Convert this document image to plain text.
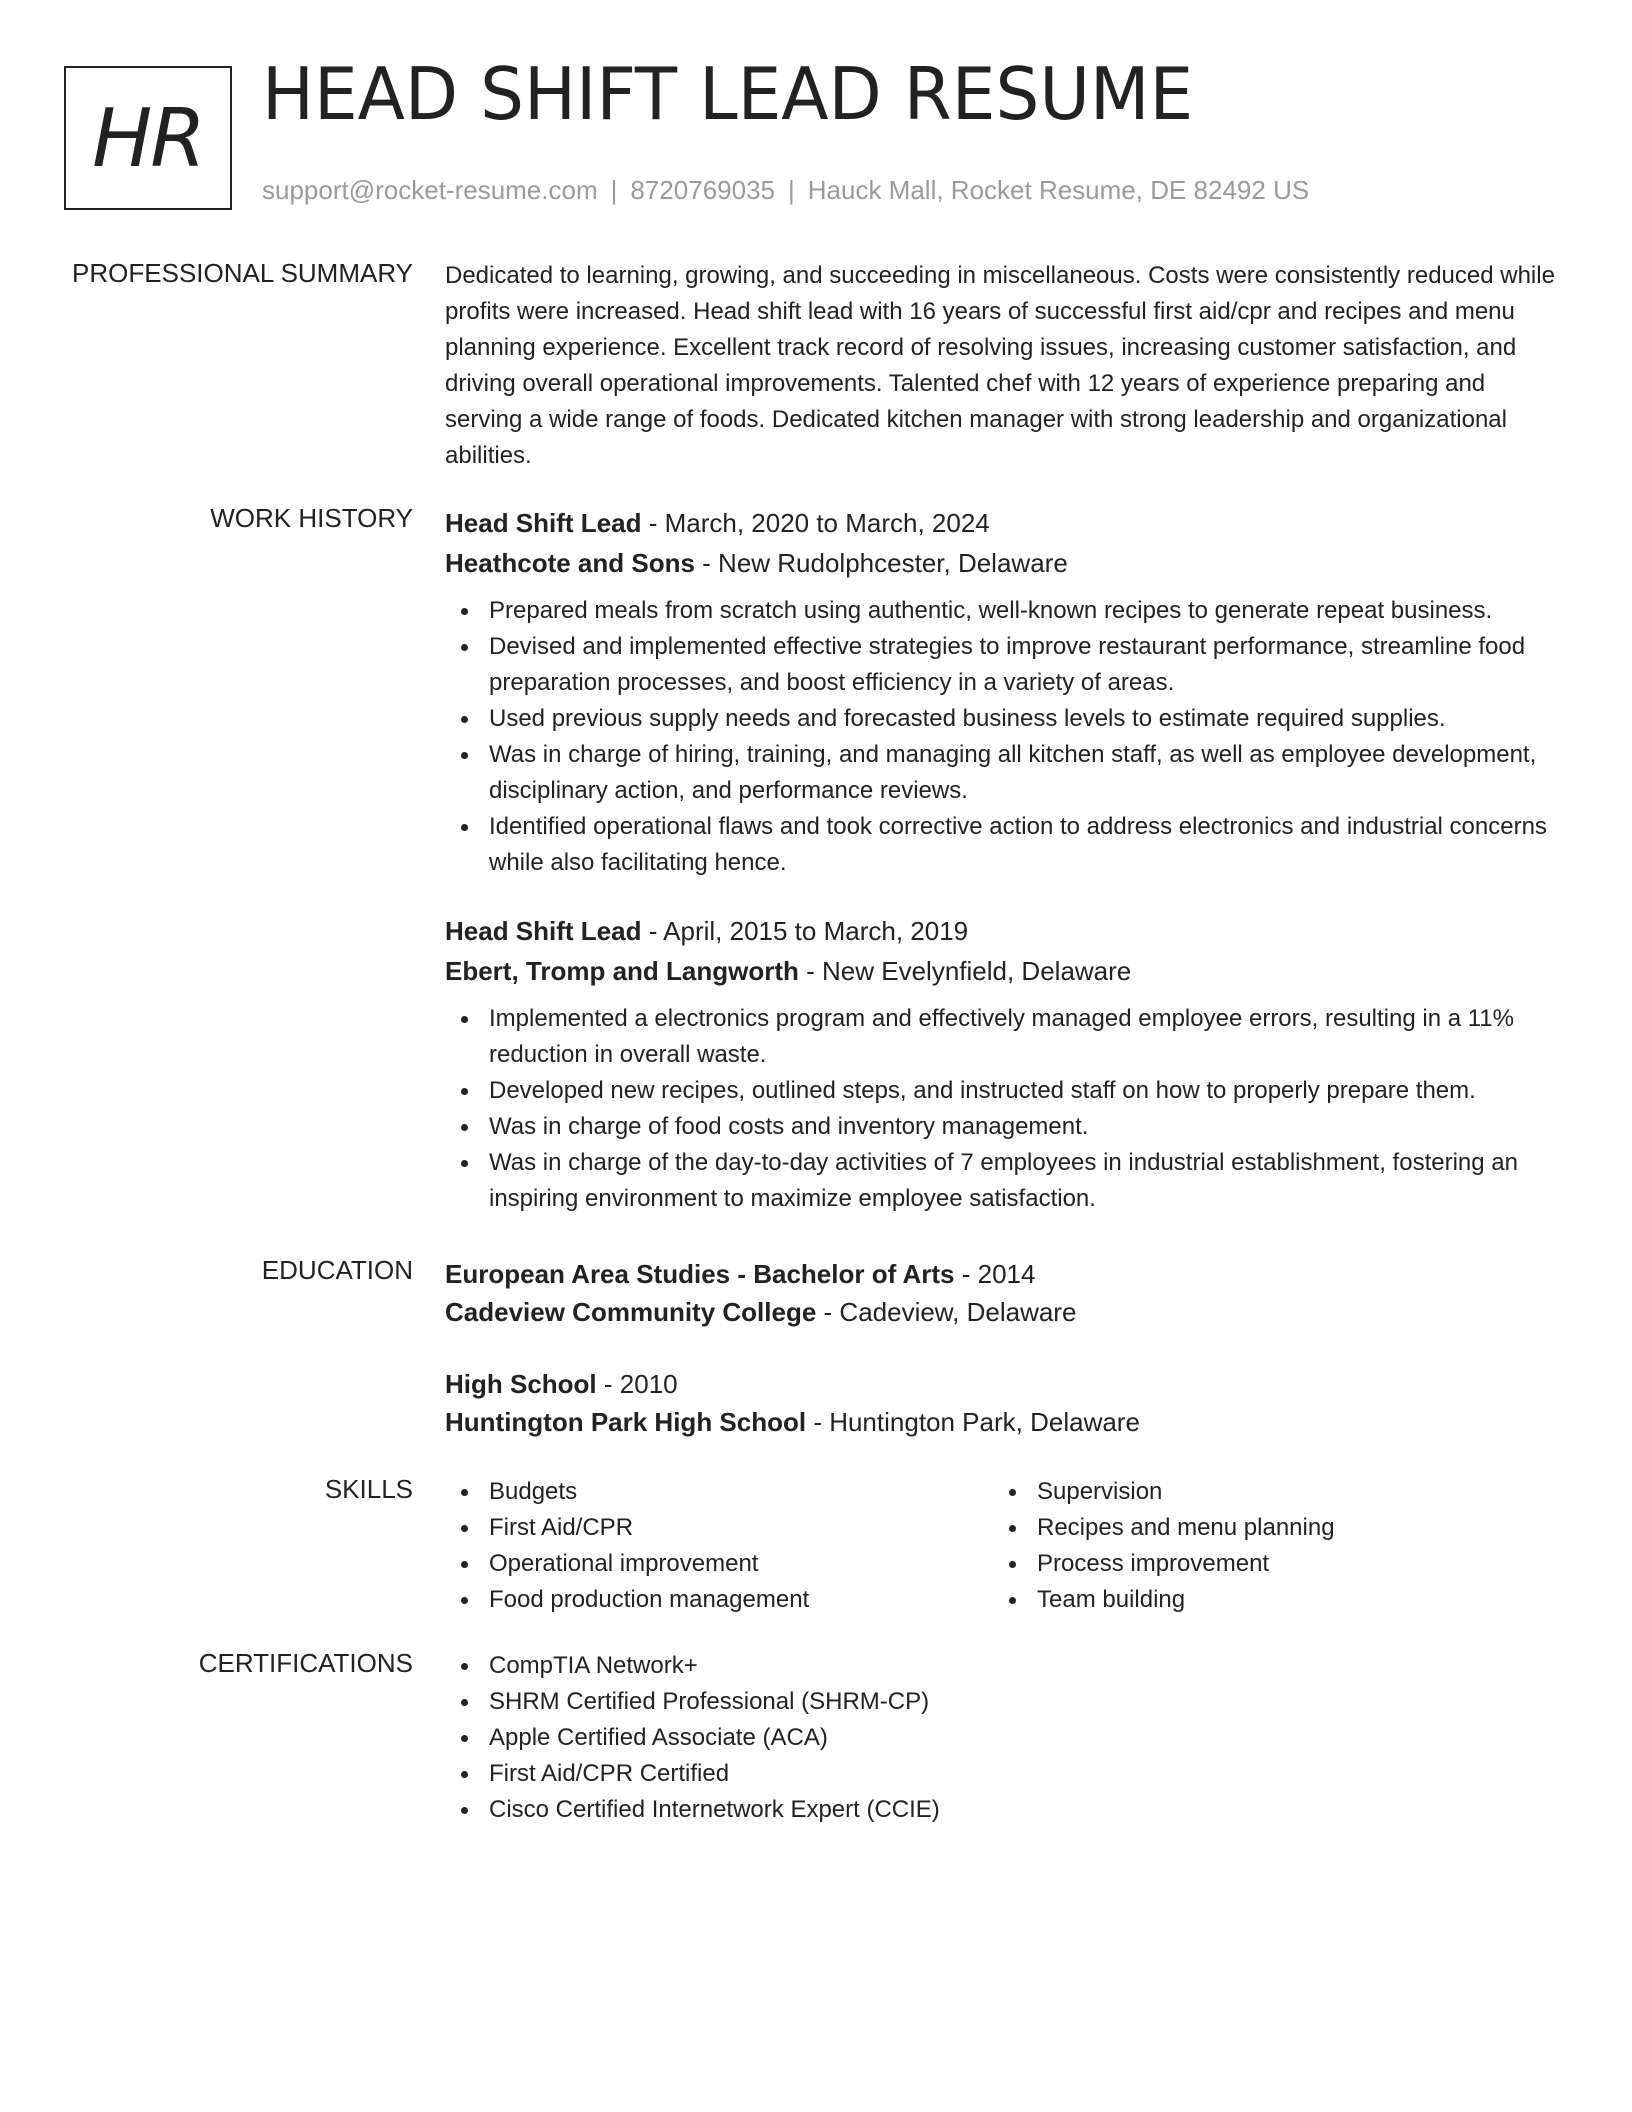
HR HEAD SHIFT LEAD RESUME
support@rocket-resume.com | 8720769035 | Hauck Mall, Rocket Resume, DE 82492 US
PROFESSIONAL SUMMARY Dedicated to learning, growing, and succeeding in miscellaneous. Costs were consistently reduced while profits were increased. Head shift lead with 16 years of successful first aid/cpr and recipes and menu planning experience. Excellent track record of resolving issues, increasing customer satisfaction, and driving overall operational improvements. Talented chef with 12 years of experience preparing and serving a wide range of foods. Dedicated kitchen manager with strong leadership and organizational abilities.

WORK HISTORY Head Shift Lead - March, 2020 to March, 2024
Heathcote and Sons - New Rudolphcester, Delaware
Prepared meals from scratch using authentic, well-known recipes to generate repeat business.
Devised and implemented effective strategies to improve restaurant performance, streamline food preparation processes, and boost efficiency in a variety of areas.
Used previous supply needs and forecasted business levels to estimate required supplies.
Was in charge of hiring, training, and managing all kitchen staff, as well as employee development, disciplinary action, and performance reviews.
Identified operational flaws and took corrective action to address electronics and industrial concerns while also facilitating hence.
Head Shift Lead - April, 2015 to March, 2019
Ebert, Tromp and Langworth - New Evelynfield, Delaware
Implemented a electronics program and effectively managed employee errors, resulting in a 11% reduction in overall waste.
Developed new recipes, outlined steps, and instructed staff on how to properly prepare them.
Was in charge of food costs and inventory management.
Was in charge of the day-to-day activities of 7 employees in industrial establishment, fostering an inspiring environment to maximize employee satisfaction.
EDUCATION European Area Studies - Bachelor of Arts - 2014
Cadeview Community College - Cadeview, Delaware
High School - 2010
Huntington Park High School - Huntington Park, Delaware
SKILLS	Budgets
First Aid/CPR
Operational improvement
Food production management
Supervision
Recipes and menu planning
Process improvement
Team building
CERTIFICATIONS	CompTIA Network+
SHRM Certified Professional (SHRM-CP)
Apple Certified Associate (ACA)
First Aid/CPR Certified
Cisco Certified Internetwork Expert (CCIE)
